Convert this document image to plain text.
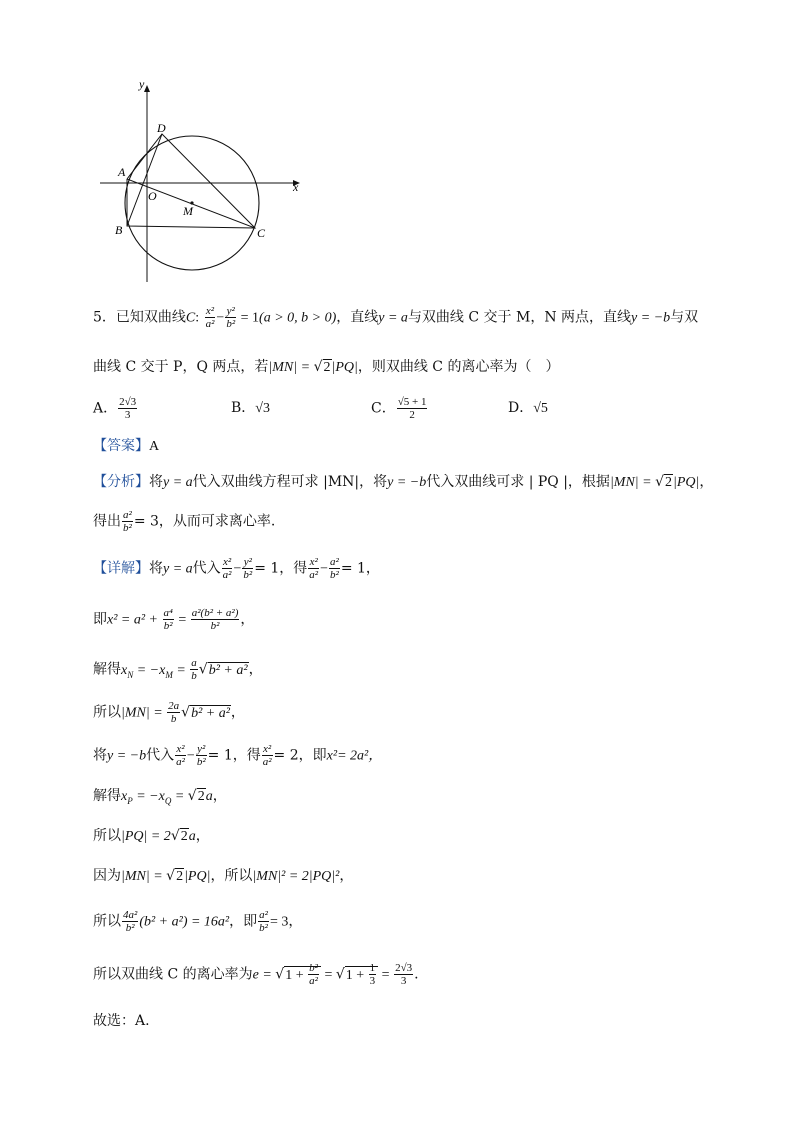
y
x
O
A
B	C
D
M
5．已知双曲线C: $\frac{\text{x²}}{\text{a²}} - \frac{\text{y²}}{\text{b²}} = 1(a > 0$, b > 0)，直线y = a与双曲线 C 交于 M，N 两点，直线y = −b与双
曲线 C 交于 P，Q 两点，若|MN| = √2|PQ|，则双曲线 C 的离心率为（　）
A． $\frac{2√3}{3}$	B．√3	C． $\frac{√5 + 1}{2}$	D．√5
【答案】A
【分析】将y = a代入双曲线方程可求 |MN|，将y = −b代入双曲线可求 | PQ |，根据|MN| = √2|PQ|，
得出 $\frac{\text{a²}}{\text{b²}} = 3$，从而可求离心率.
【详解】将y = a代入 $\frac{\text{x²}}{\text{a²}} - \frac{\text{y²}}{\text{b²}} = 1$，得 $\frac{\text{x²}}{\text{a²}} - \frac{\text{a²}}{\text{b²}} = 1$，
即$x^2 = a^2 + \frac{\text{a⁴}}{\text{b²}} = \frac{\text{a²(b² + a²)}}{\text{b²}}$ ，
解得$x_N = -x_M = \frac{a}{b} √b^2 + a^2$，
所以$|MN| = \frac{2a}{b} √b^2 + a^2$，
将y = −b代入 $\frac{\text{x²}}{\text{a²}} - \frac{\text{y²}}{\text{b²}} = 1$，得 $\frac{\text{x²}}{\text{a²}} = 2$，即x²= 2a²，
解得$x_P = -x_Q = √2a$，
所以|PQ| = 2√2a，
因为|MN| = √2|PQ|，所以|MN|² = 2|PQ|²，
所以 $\frac{\text{4a²}}{\text{b²}} (b^2 + a^2) = 16a^2$，即 $\frac{\text{a²}}{\text{b²}} = 3$，
所以双曲线 C 的离心率为$e = √1 + \frac{\text{b²}}{\text{a²}} = √1 + \frac{1}{3} = \frac{2√3}{3}$ .
故选：A.
